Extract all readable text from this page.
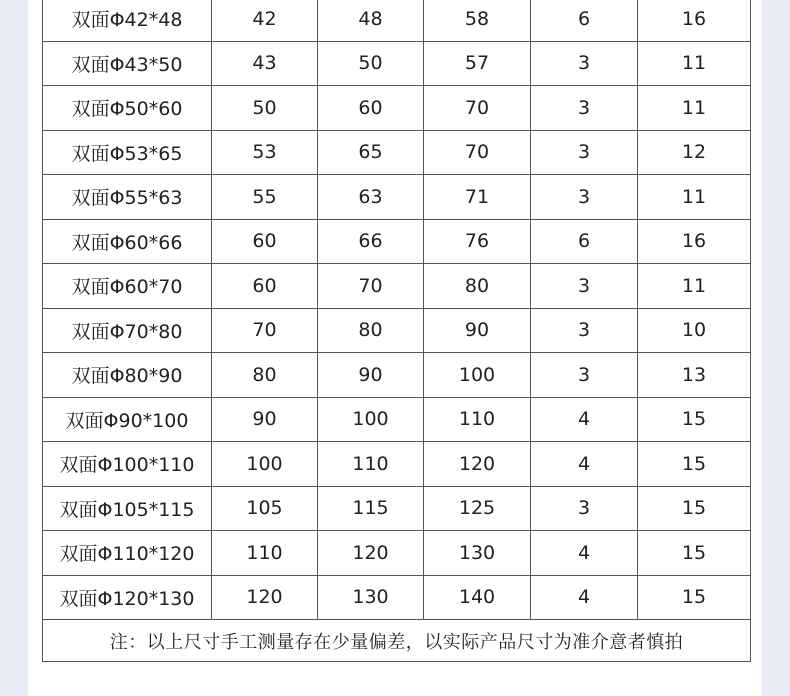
双面Φ42*48	42	48	58	6	16
双面Φ43*50	43	50	57	3	11
双面Φ50*60	50	60	70	3	11
双面Φ53*65	53	65	70	3	12
双面Φ55*63	55	63	71	3	11
双面Φ60*66	60	66	76	6	16
双面Φ60*70	60	70	80	3	11
双面Φ70*80	70	80	90	3	10
双面Φ80*90	80	90	100	3	13
双面Φ90*100	90	100	110	4	15
双面Φ100*110	100	110	120	4	15
双面Φ105*115	105	115	125	3	15
双面Φ110*120	110	120	130	4	15
双面Φ120*130	120	130	140	4	15
注：以上尺寸手工测量存在少量偏差，以实际产品尺寸为准介意者慎拍					
